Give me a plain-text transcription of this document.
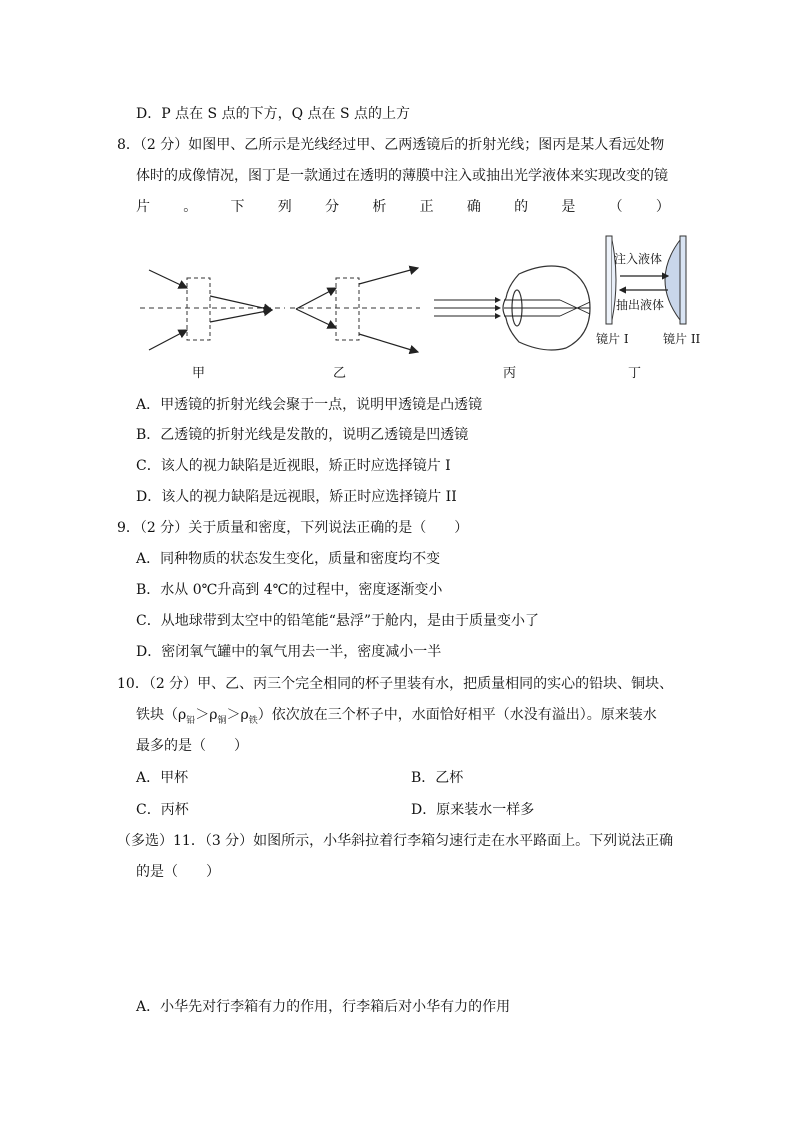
D．P 点在 S 点的下方，Q 点在 S 点的上方
8．（2 分）如图甲、乙所示是光线经过甲、乙两透镜后的折射光线；图丙是某人看远处物
体时的成像情况，图丁是一款通过在透明的薄膜中注入或抽出光学液体来实现改变的镜
片 。 下 列 分 析 正 确 的 是 （ ）
注入液体
抽出液体
镜片 I	镜片 II
甲	乙	丙	丁
A．甲透镜的折射光线会聚于一点，说明甲透镜是凸透镜
B．乙透镜的折射光线是发散的，说明乙透镜是凹透镜
C．该人的视力缺陷是近视眼，矫正时应选择镜片 I
D．该人的视力缺陷是远视眼，矫正时应选择镜片 II
9．（2 分）关于质量和密度，下列说法正确的是（　　）
A．同种物质的状态发生变化，质量和密度均不变
B．水从 0℃升高到 4℃的过程中，密度逐渐变小
C．从地球带到太空中的铅笔能“悬浮”于舱内，是由于质量变小了
D．密闭氧气罐中的氧气用去一半，密度减小一半
10．（2 分）甲、乙、丙三个完全相同的杯子里装有水，把质量相同的实心的铅块、铜块、
铁块$(\rho_铅>\rho_铜>\rho_铁)$依次放在三个杯子中，水面恰好相平（水没有溢出）。原来装水
最多的是（　　）
A．甲杯	B．乙杯
C．丙杯	D．原来装水一样多
（多选）11．（3 分）如图所示，小华斜拉着行李箱匀速行走在水平路面上。下列说法正确
的是（　　）
A．小华先对行李箱有力的作用，行李箱后对小华有力的作用
